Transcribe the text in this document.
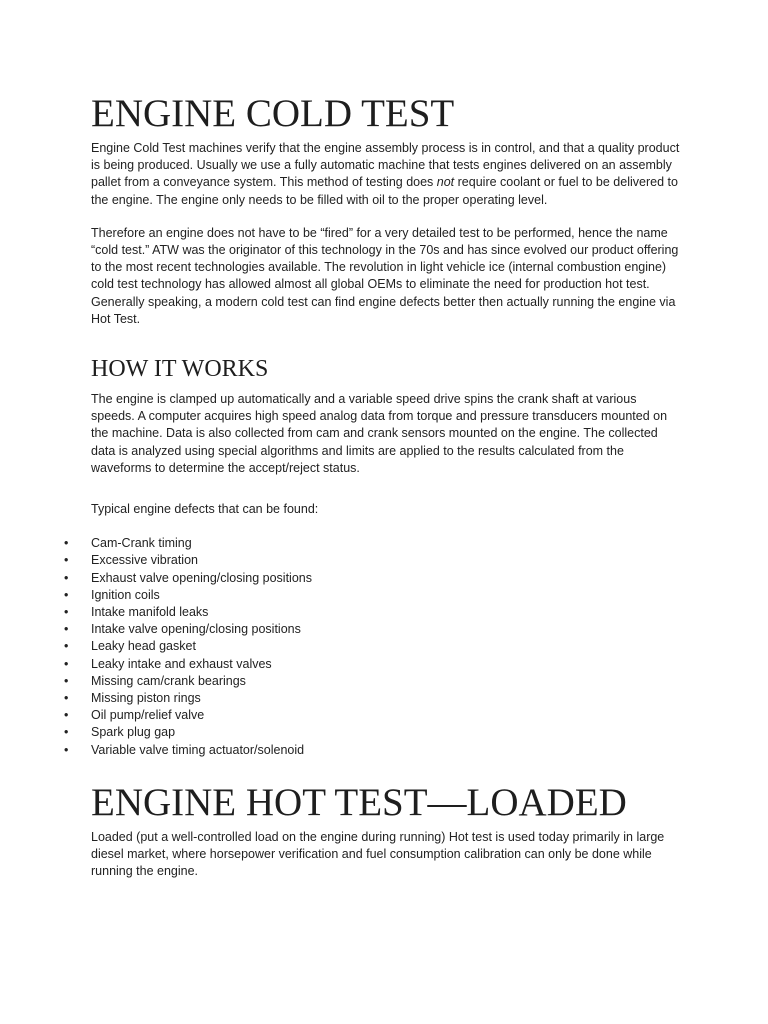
ENGINE COLD TEST

Engine Cold Test machines verify that the engine assembly process is in control, and that a quality product is being produced. Usually we use a fully automatic machine that tests engines delivered on an assembly pallet from a conveyance system. This method of testing does not require coolant or fuel to be delivered to the engine. The engine only needs to be filled with oil to the proper operating level.

Therefore an engine does not have to be “fired” for a very detailed test to be performed, hence the name “cold test.” ATW was the originator of this technology in the 70s and has since evolved our product offering to the most recent technologies available. The revolution in light vehicle ice (internal combustion engine) cold test technology has allowed almost all global OEMs to eliminate the need for production hot test. Generally speaking, a modern cold test can find engine defects better then actually running the engine via Hot Test.

HOW IT WORKS

The engine is clamped up automatically and a variable speed drive spins the crank shaft at various speeds. A computer acquires high speed analog data from torque and pressure transducers mounted on the machine. Data is also collected from cam and crank sensors mounted on the engine. The collected data is analyzed using special algorithms and limits are applied to the results calculated from the waveforms to determine the accept/reject status.

Typical engine defects that can be found:

• Cam-Crank timing
• Excessive vibration
• Exhaust valve opening/closing positions
• Ignition coils
• Intake manifold leaks
• Intake valve opening/closing positions
• Leaky head gasket
• Leaky intake and exhaust valves
• Missing cam/crank bearings
• Missing piston rings
• Oil pump/relief valve
• Spark plug gap
• Variable valve timing actuator/solenoid
ENGINE HOT TEST—LOADED

Loaded (put a well-controlled load on the engine during running) Hot test is used today primarily in large diesel market, where horsepower verification and fuel consumption calibration can only be done while running the engine.
